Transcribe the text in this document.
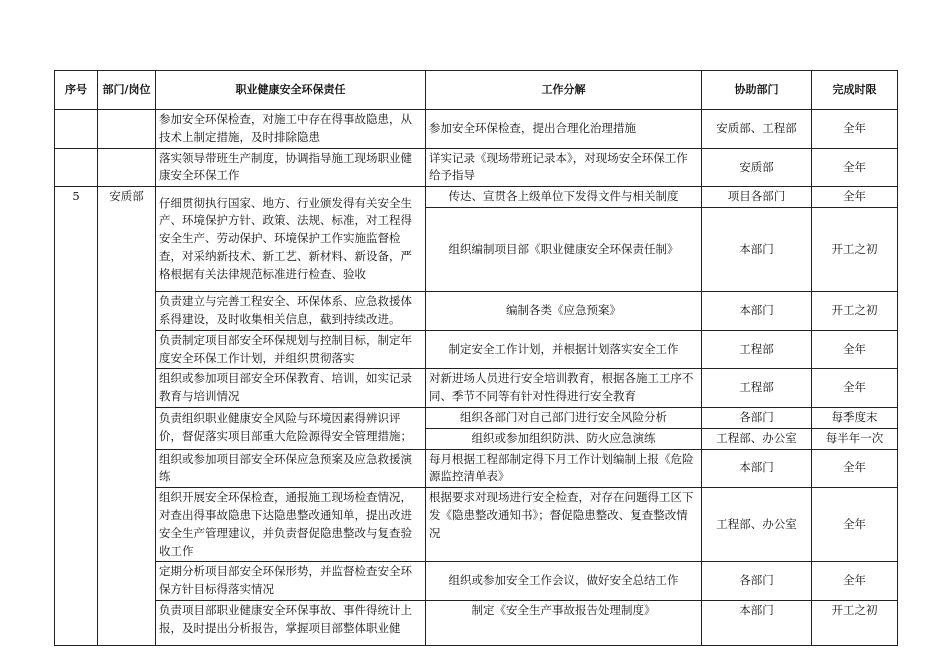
序号	部门/岗位	职业健康安全环保责任	工作分解	协助部门	完成时限
		参加安全环保检查，对施工中存在得事故隐患，从技术上制定措施，及时排除隐患	参加安全环保检查，提出合理化治理措施	安质部、工程部	全年
		落实领导带班生产制度，协调指导施工现场职业健康安全环保工作	详实记录《现场带班记录本》，对现场安全环保工作给予指导	安质部	全年
5	安质部	仔细贯彻执行国家、地方、行业颁发得有关安全生产、环境保护方针、政策、法规、标准，对工程得安全生产、劳动保护、环境保护工作实施监督检查，对采纳新技术、新工艺、新材料、新设备，严格根据有关法律规范标准进行检查、验收	传达、宣贯各上级单位下发得文件与相关制度	项目各部门	全年
			组织编制项目部《职业健康安全环保责任制》	本部门	开工之初
		负责建立与完善工程安全、环保体系、应急救援体系得建设，及时收集相关信息，截到持续改进。	编制各类《应急预案》	本部门	开工之初
		负责制定项目部安全环保规划与控制目标，制定年度安全环保工作计划，并组织贯彻落实	制定安全工作计划，并根据计划落实安全工作	工程部	全年
		组织或参加项目部安全环保教育、培训，如实记录教育与培训情况	对新进场人员进行安全培训教育，根据各施工工序不同、季节不同等有针对性得进行安全教育	工程部	全年
		负责组织职业健康安全风险与环境因素得辨识评价，督促落实项目部重大危险源得安全管理措施；	组织各部门对自己部门进行安全风险分析	各部门	每季度末
			组织或参加组织防洪、防火应急演练	工程部、办公室	每半年一次
		组织或参加项目部安全环保应急预案及应急救援演练	每月根据工程部制定得下月工作计划编制上报《危险源监控清单表》	本部门	全年
		组织开展安全环保检查，通报施工现场检查情况，对查出得事故隐患下达隐患整改通知单，提出改进安全生产管理建议，并负责督促隐患整改与复查验收工作	根据要求对现场进行安全检查，对存在问题得工区下发《隐患整改通知书》；督促隐患整改、复查整改情况	工程部、办公室	全年
		定期分析项目部安全环保形势，并监督检查安全环保方针目标得落实情况	组织或参加安全工作会议，做好安全总结工作	各部门	全年

		负责项目部职业健康安全环保事故、事件得统计上报，及时提出分析报告，掌握项目部整体职业健	制定《安全生产事故报告处理制度》	本部门	开工之初
